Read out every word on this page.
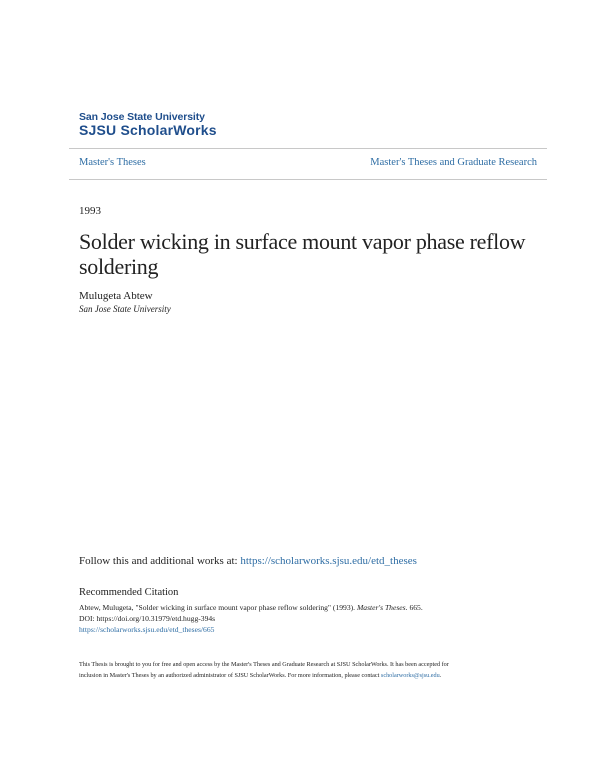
San Jose State University
SJSU ScholarWorks
Master's Theses	Master's Theses and Graduate Research
1993
Solder wicking in surface mount vapor phase reflow soldering
Mulugeta Abtew
San Jose State University
Follow this and additional works at: https://scholarworks.sjsu.edu/etd_theses
Recommended Citation
Abtew, Mulugeta, "Solder wicking in surface mount vapor phase reflow soldering" (1993). Master's Theses. 665.
DOI: https://doi.org/10.31979/etd.hugg-394s
https://scholarworks.sjsu.edu/etd_theses/665
This Thesis is brought to you for free and open access by the Master's Theses and Graduate Research at SJSU ScholarWorks. It has been accepted for
inclusion in Master's Theses by an authorized administrator of SJSU ScholarWorks. For more information, please contact scholarworks@sjsu.edu.
